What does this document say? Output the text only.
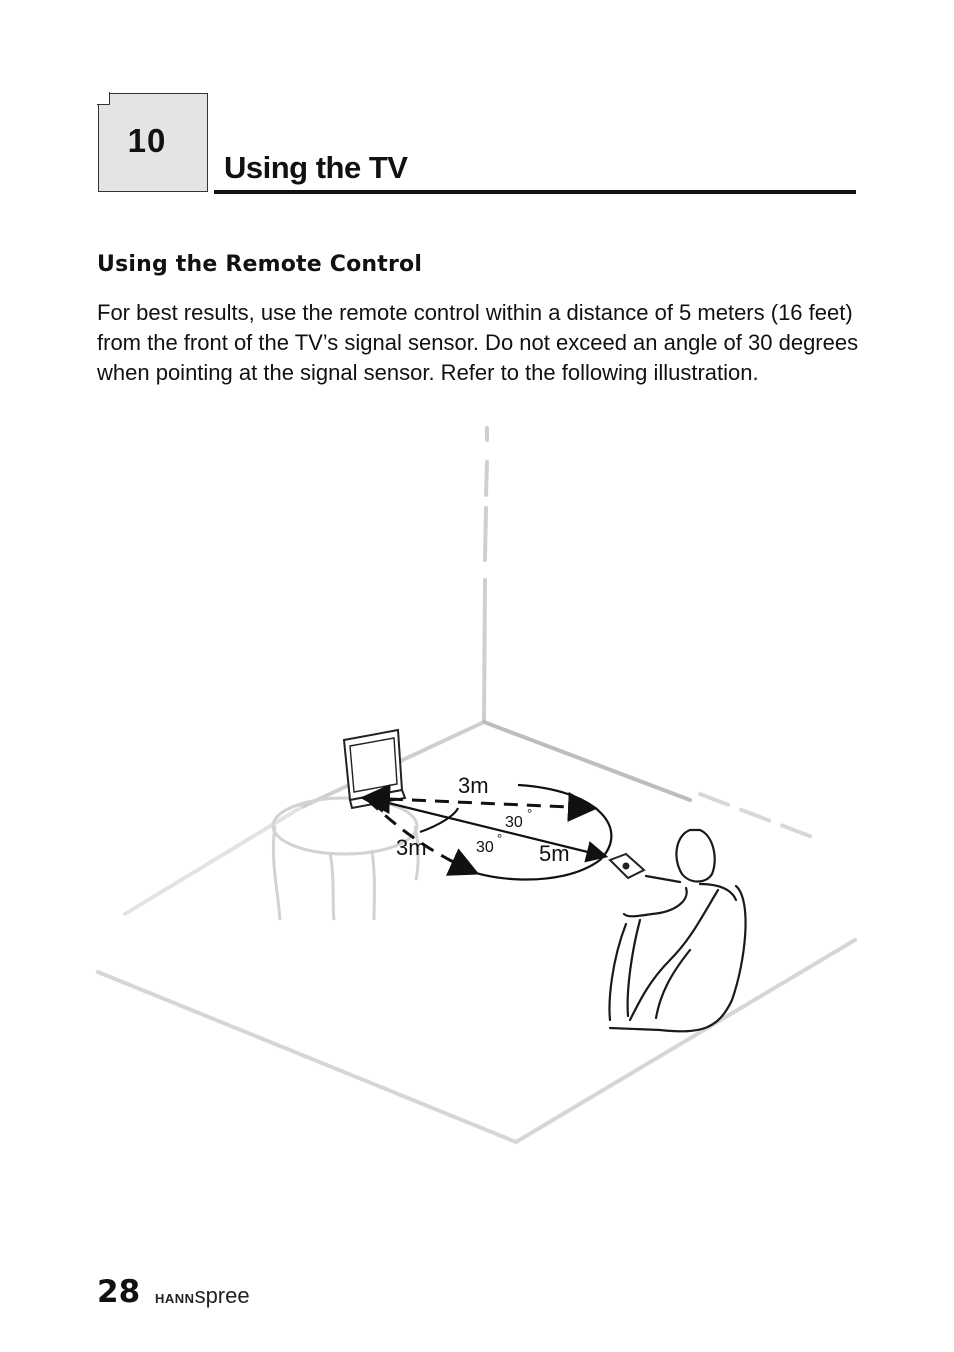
10
Using the TV
Using the Remote Control
For best results, use the remote control within a distance of 5 meters (16 feet) from the front of the TV’s signal sensor. Do not exceed an angle of 30 degrees when pointing at the signal sensor. Refer to the following illustration.
3m
3m	5m
30
°
30
°
28 HANNspree
